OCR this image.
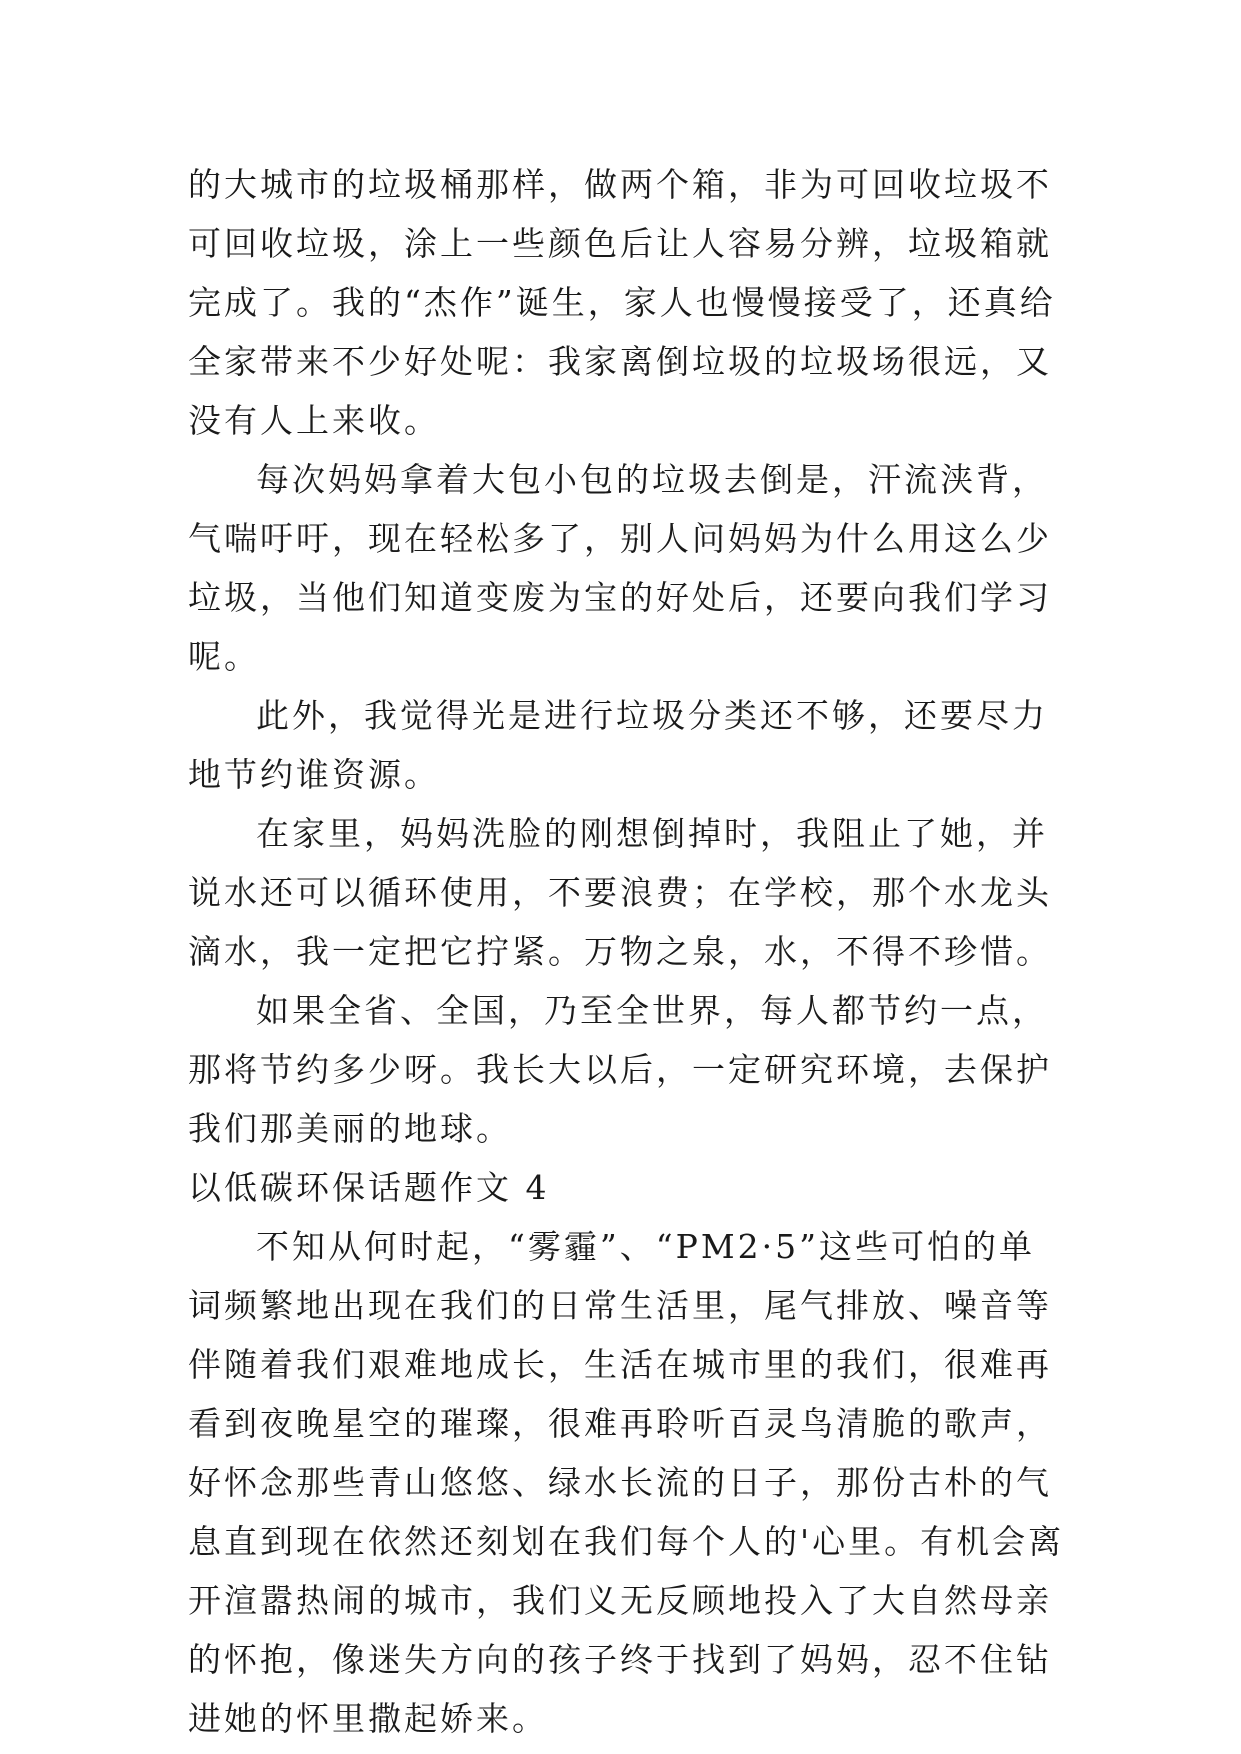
的大城市的垃圾桶那样，做两个箱，非为可回收垃圾不可回收垃圾，涂上一些颜色后让人容易分辨，垃圾箱就完成了。我的“杰作”诞生，家人也慢慢接受了，还真给全家带来不少好处呢：我家离倒垃圾的垃圾场很远，又没有人上来收。

每次妈妈拿着大包小包的垃圾去倒是，汗流浃背，气喘吁吁，现在轻松多了，别人问妈妈为什么用这么少垃圾，当他们知道变废为宝的好处后，还要向我们学习呢。

此外，我觉得光是进行垃圾分类还不够，还要尽力地节约谁资源。

在家里，妈妈洗脸的刚想倒掉时，我阻止了她，并说水还可以循环使用，不要浪费；在学校，那个水龙头滴水，我一定把它拧紧。万物之泉，水，不得不珍惜。

如果全省、全国，乃至全世界，每人都节约一点，那将节约多少呀。我长大以后，一定研究环境，去保护我们那美丽的地球。

以低碳环保话题作文 4

不知从何时起，“雾霾”、“PM2·5”这些可怕的单词频繁地出现在我们的日常生活里，尾气排放、噪音等伴随着我们艰难地成长，生活在城市里的我们，很难再看到夜晚星空的璀璨，很难再聆听百灵鸟清脆的歌声，好怀念那些青山悠悠、绿水长流的日子，那份古朴的气息直到现在依然还刻划在我们每个人的'心里。有机会离开渲嚣热闹的城市，我们义无反顾地投入了大自然母亲的怀抱，像迷失方向的孩子终于找到了妈妈，忍不住钻进她的怀里撒起娇来。
